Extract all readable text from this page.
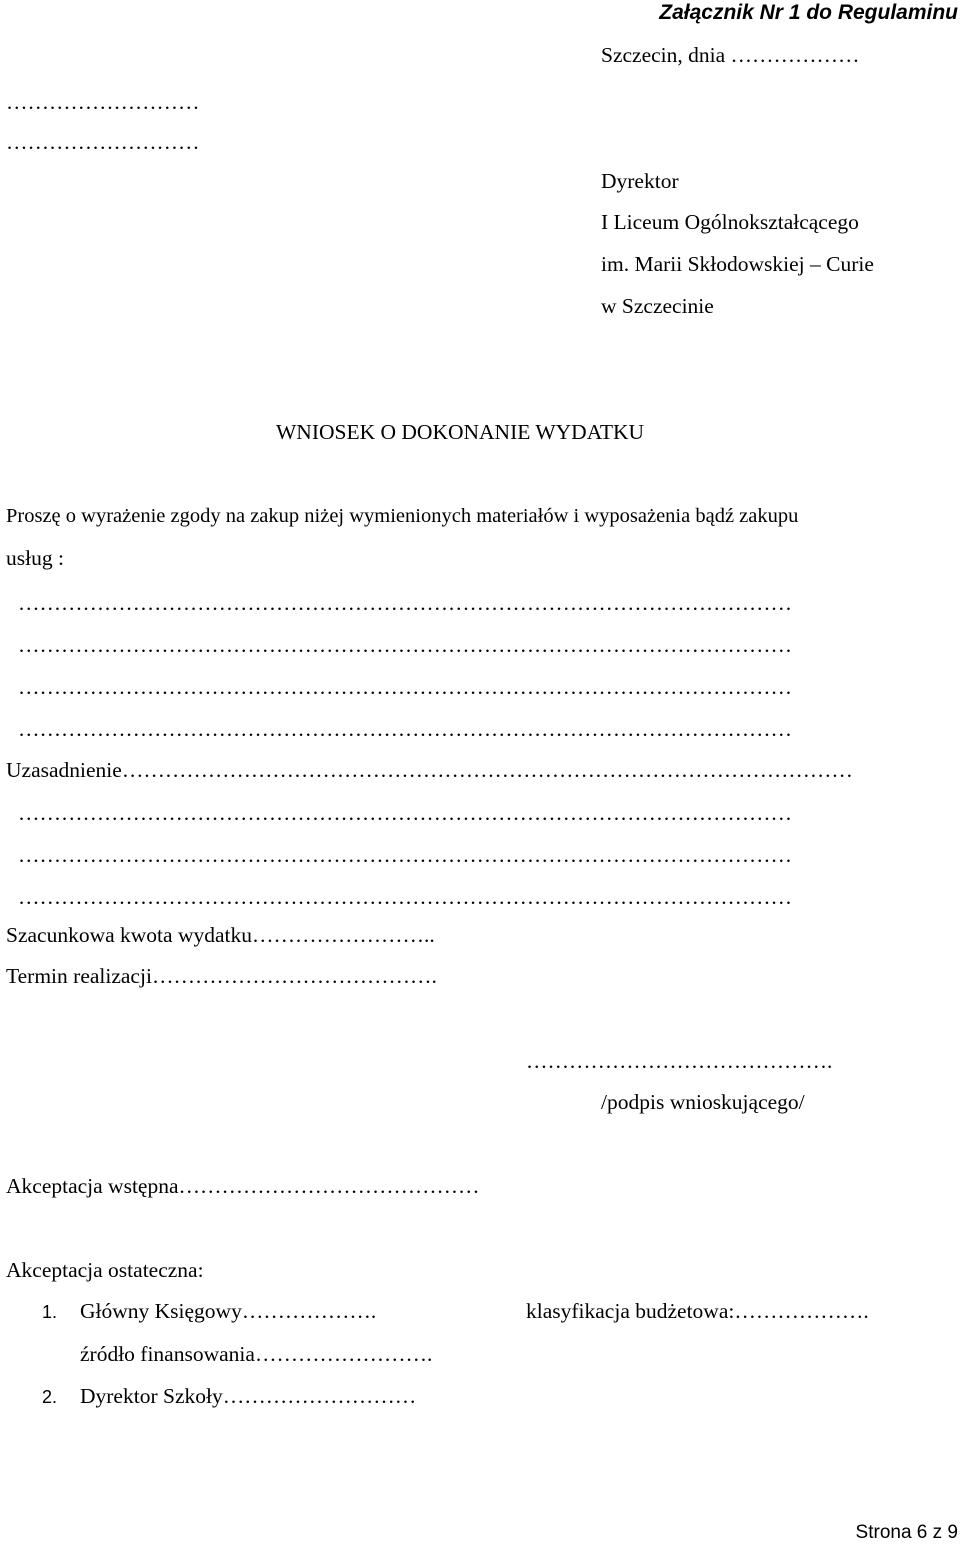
Załącznik Nr 1 do Regulaminu
Szczecin, dnia ………………
………………………
………………………
Dyrektor
I Liceum Ogólnokształcącego
im. Marii Skłodowskiej – Curie
w Szczecinie
WNIOSEK O DOKONANIE WYDATKU
Proszę o wyrażenie zgody na zakup niżej wymienionych materiałów i wyposażenia bądź zakupu
usług :
………………………………………………………………………………………………
………………………………………………………………………………………………
………………………………………………………………………………………………
………………………………………………………………………………………………
Uzasadnienie…………………………………………………………………………………………
………………………………………………………………………………………………
………………………………………………………………………………………………
………………………………………………………………………………………………
Szacunkowa kwota wydatku……………………..
Termin realizacji………………………………….
…………………………………….
/podpis wnioskującego/
Akceptacja wstępna……………………………………
Akceptacja ostateczna:
1. Główny Księgowy……………….	klasyfikacja budżetowa:……………….
źródło finansowania…………………….
2. Dyrektor Szkoły………………………
Strona 6 z 9
